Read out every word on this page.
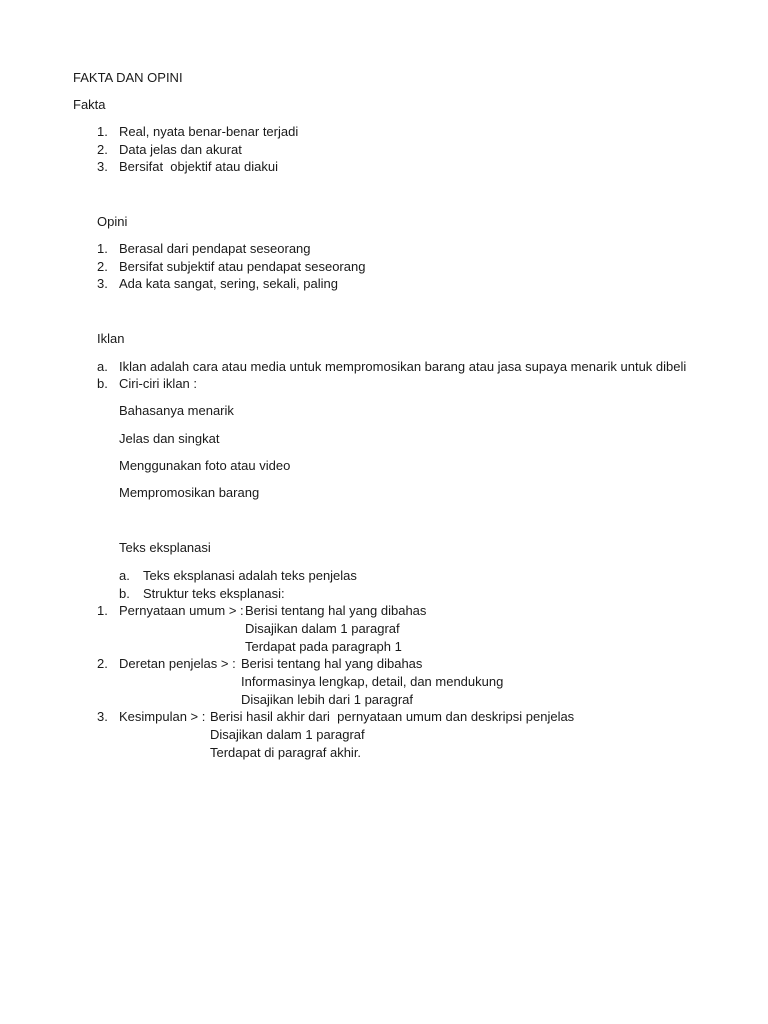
FAKTA DAN OPINI
Fakta
1. Real, nyata benar-benar terjadi
2. Data jelas dan akurat
3. Bersifat  objektif atau diakui
Opini
1. Berasal dari pendapat seseorang
2. Bersifat subjektif atau pendapat seseorang
3. Ada kata sangat, sering, sekali, paling
Iklan
a. Iklan adalah cara atau media untuk mempromosikan barang atau jasa supaya menarik untuk dibeli
b. Ciri-ciri iklan :
Bahasanya menarik
Jelas dan singkat
Menggunakan foto atau video
Mempromosikan barang
Teks eksplanasi
a. Teks eksplanasi adalah teks penjelas
b. Struktur teks eksplanasi:
1. Pernyataan umum > :
Berisi tentang hal yang dibahas
Disajikan dalam 1 paragraf
Terdapat pada paragraph 1
2. Deretan penjelas > :
Berisi tentang hal yang dibahas
Informasinya lengkap, detail, dan mendukung
Disajikan lebih dari 1 paragraf
3. Kesimpulan > :
Berisi hasil akhir dari  pernyataan umum dan deskripsi penjelas
Disajikan dalam 1 paragraf
Terdapat di paragraf akhir.
